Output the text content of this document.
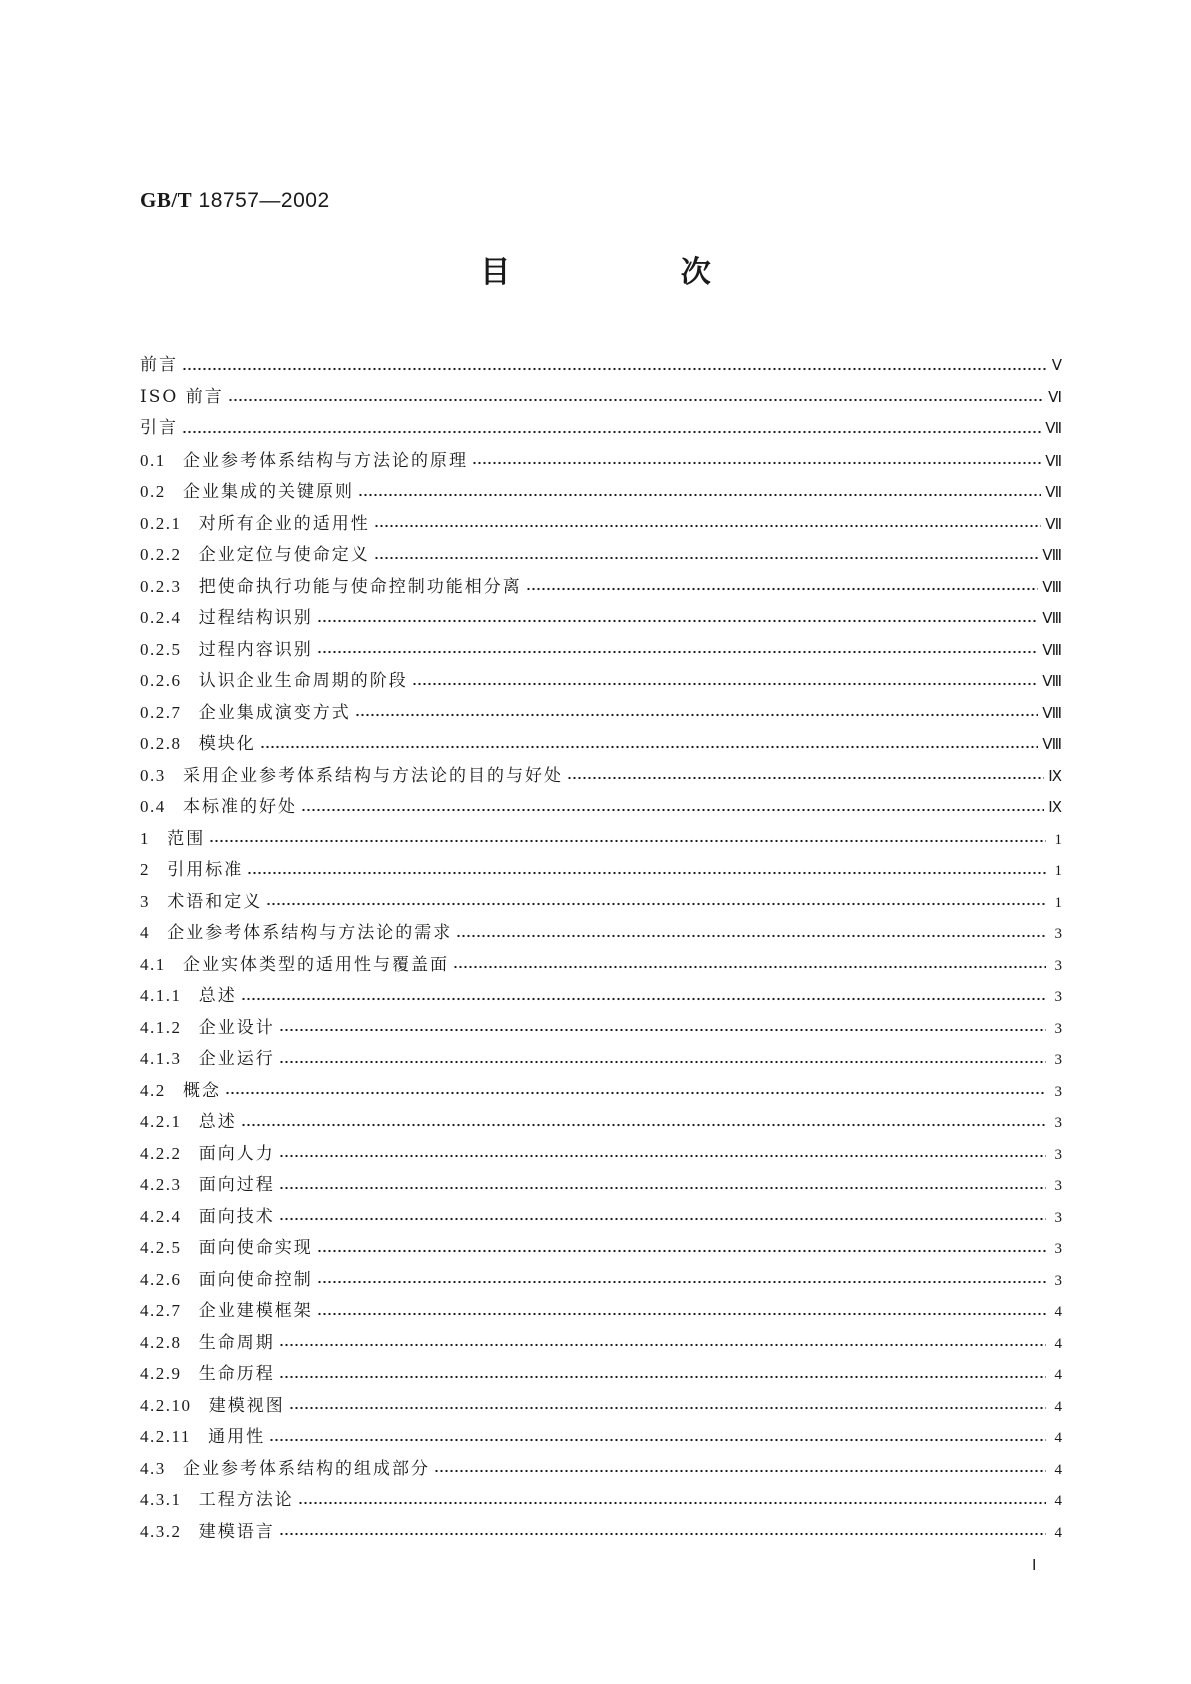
GB/T 18757—2002
目 次
前言	Ⅴ
ISO 前言	Ⅵ
引言	Ⅶ
0.1 企业参考体系结构与方法论的原理	Ⅶ
0.2 企业集成的关键原则	Ⅶ
0.2.1 对所有企业的适用性	Ⅶ
0.2.2 企业定位与使命定义	Ⅷ
0.2.3 把使命执行功能与使命控制功能相分离	Ⅷ
0.2.4 过程结构识别	Ⅷ
0.2.5 过程内容识别	Ⅷ
0.2.6 认识企业生命周期的阶段	Ⅷ
0.2.7 企业集成演变方式	Ⅷ
0.2.8 模块化	Ⅷ
0.3 采用企业参考体系结构与方法论的目的与好处	Ⅸ
0.4 本标准的好处	Ⅸ
1 范围	1
2 引用标准	1
3 术语和定义	1
4 企业参考体系结构与方法论的需求	3
4.1 企业实体类型的适用性与覆盖面	3
4.1.1 总述	3
4.1.2 企业设计	3
4.1.3 企业运行	3
4.2 概念	3
4.2.1 总述	3
4.2.2 面向人力	3
4.2.3 面向过程	3
4.2.4 面向技术	3
4.2.5 面向使命实现	3
4.2.6 面向使命控制	3
4.2.7 企业建模框架	4
4.2.8 生命周期	4
4.2.9 生命历程	4
4.2.10 建模视图	4
4.2.11 通用性	4
4.3 企业参考体系结构的组成部分	4
4.3.1 工程方法论	4
4.3.2 建模语言	4
Ⅰ
